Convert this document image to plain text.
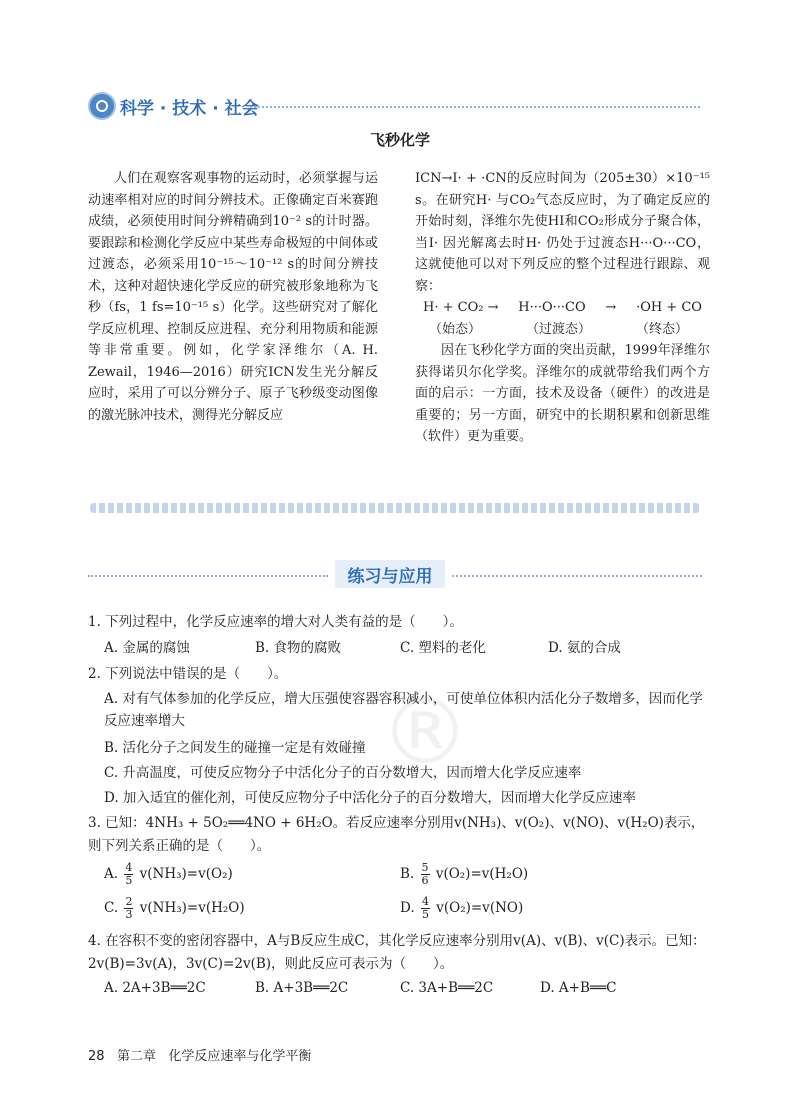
科学 · 技术 · 社会
飞秒化学

人们在观察客观事物的运动时，必须掌握与运动速率相对应的时间分辨技术。正像确定百米赛跑成绩，必须使用时间分辨精确到10⁻² s的计时器。要跟踪和检测化学反应中某些寿命极短的中间体或过渡态，必须采用10⁻¹⁵～10⁻¹² s的时间分辨技术，这种对超快速化学反应的研究被形象地称为飞秒（fs，1 fs=10⁻¹⁵ s）化学。这些研究对了解化学反应机理、控制反应进程、充分利用物质和能源等非常重要。例如，化学家泽维尔（A. H. Zewail，1946—2016）研究ICN发生光分解反应时，采用了可以分辨分子、原子飞秒级变动图像的激光脉冲技术，测得光分解反应

ICN→I· + ·CN的反应时间为（205±30）×10⁻¹⁵ s。在研究H· 与CO₂气态反应时，为了确定反应的开始时刻，泽维尔先使HI和CO₂形成分子聚合体，当I· 因光解离去时H· 仍处于过渡态H···O···CO，这就使他可以对下列反应的整个过程进行跟踪、观察：

H· + CO₂ → H···O···CO → ·OH + CO
（始态）	（过渡态）	（终态）

因在飞秒化学方面的突出贡献，1999年泽维尔获得诺贝尔化学奖。泽维尔的成就带给我们两个方面的启示：一方面，技术及设备（硬件）的改进是重要的；另一方面，研究中的长期积累和创新思维（软件）更为重要。

练习与应用
®
1. 下列过程中，化学反应速率的增大对人类有益的是（　　）。
A. 金属的腐蚀	B. 食物的腐败	C. 塑料的老化	D. 氨的合成
2. 下列说法中错误的是（　　）。
A. 对有气体参加的化学反应，增大压强使容器容积减小，可使单位体积内活化分子数增多，因而化学反应速率增大
B. 活化分子之间发生的碰撞一定是有效碰撞
C. 升高温度，可使反应物分子中活化分子的百分数增大，因而增大化学反应速率
D. 加入适宜的催化剂，可使反应物分子中活化分子的百分数增大，因而增大化学反应速率
3. 已知：4NH₃ + 5O₂══4NO + 6H₂O。若反应速率分别用v(NH₃)、v(O₂)、v(NO)、v(H₂O)表示，则下列关系正确的是（　　）。
A. $\frac{4}{5} v(NH_3)=v(O_2)$	B. $\frac{5}{6} v(O_2)=v(H_2O)$
C. $\frac{2}{3} v(NH_3)=v(H_2O)$	D. $\frac{4}{5} v(O_2)=v(NO)$
4. 在容积不变的密闭容器中，A与B反应生成C，其化学反应速率分别用v(A)、v(B)、v(C)表示。已知：2v(B)=3v(A)，3v(C)=2v(B)，则此反应可表示为（　　）。
A. 2A+3B══2C	B. A+3B══2C	C. 3A+B══2C	D. A+B══C
28 第二章 化学反应速率与化学平衡
